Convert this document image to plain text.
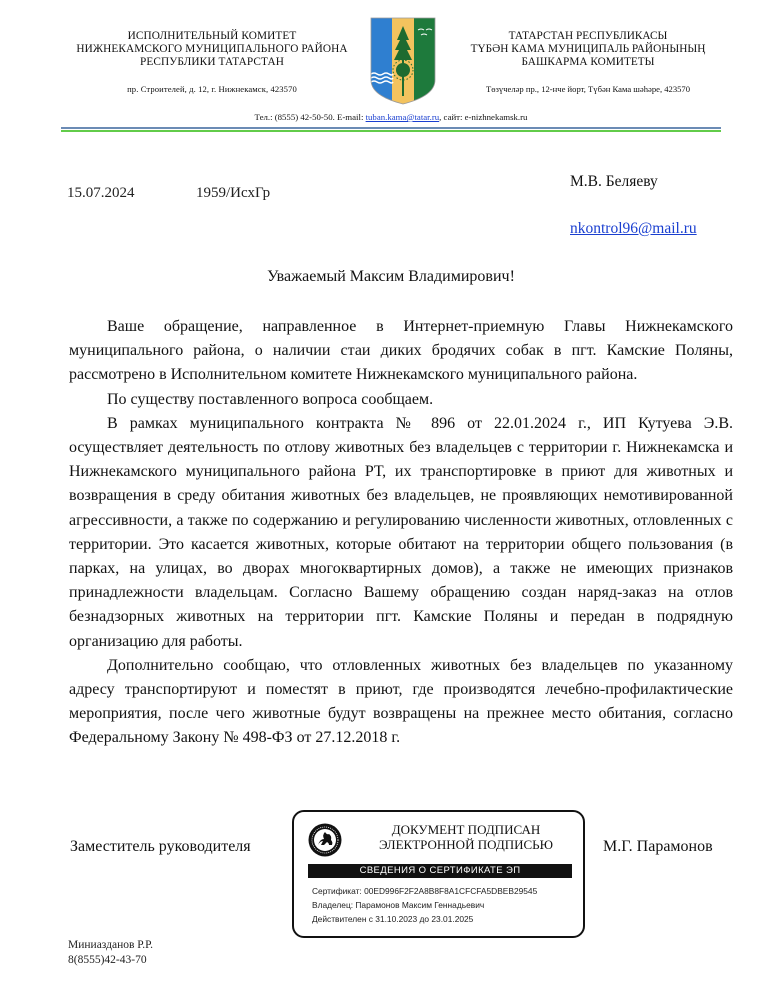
ИСПОЛНИТЕЛЬНЫЙ КОМИТЕТ
НИЖНЕКАМСКОГО МУНИЦИПАЛЬНОГО РАЙОНА
РЕСПУБЛИКИ ТАТАРСТАН
пр. Строителей, д. 12, г. Нижнекамск, 423570
ТАТАРСТАН РЕСПУБЛИКАСЫ
ТҮБӘН КАМА МУНИЦИПАЛЬ РАЙОНЫНЫҢ
БАШКАРМА КОМИТЕТЫ
Төзүчеләр пр., 12-нче йорт, Түбән Кама шәһәре, 423570
Тел.: (8555) 42-50-50. E-mail: tuban.kama@tatar.ru, сайт: e-nizhnekamsk.ru
15.07.2024	1959/ИсхГр
М.В. Беляеву
nkontrol96@mail.ru
Уважаемый Максим Владимирович!

Ваше обращение, направленное в Интернет-приемную Главы Нижнекамского муниципального района, о наличии стаи диких бродячих собак в пгт. Камские Поляны, рассмотрено в Исполнительном комитете Нижнекамского муниципального района.

По существу поставленного вопроса сообщаем.

В рамках муниципального контракта № 896 от 22.01.2024 г., ИП Кутуева Э.В. осуществляет деятельность по отлову животных без владельцев с территории г. Нижнекамска и Нижнекамского муниципального района РТ, их транспортировке в приют для животных и возвращения в среду обитания животных без владельцев, не проявляющих немотивированной агрессивности, а также по содержанию и регулированию численности животных, отловленных с территории. Это касается животных, которые обитают на территории общего пользования (в парках, на улицах, во дворах многоквартирных домов), а также не имеющих признаков принадлежности владельцам. Согласно Вашему обращению создан наряд-заказ на отлов безнадзорных животных на территории пгт. Камские Поляны и передан в подрядную организацию для работы.

Дополнительно сообщаю, что отловленных животных без владельцев по указанному адресу транспортируют и поместят в приют, где производятся лечебно-профилактические мероприятия, после чего животные будут возвращены на прежнее место обитания, согласно Федеральному Закону № 498-ФЗ от 27.12.2018 г.

Заместитель руководителя	М.Г. Парамонов
ДОКУМЕНТ ПОДПИСАН
ЭЛЕКТРОННОЙ ПОДПИСЬЮ
СВЕДЕНИЯ О СЕРТИФИКАТЕ ЭП
Сертификат: 00ED996F2F2A8B8F8A1CFCFA5DBEB29545
Владелец: Парамонов Максим Геннадьевич
Действителен с 31.10.2023 до 23.01.2025
Миниазданов Р.Р.
8(8555)42-43-70
